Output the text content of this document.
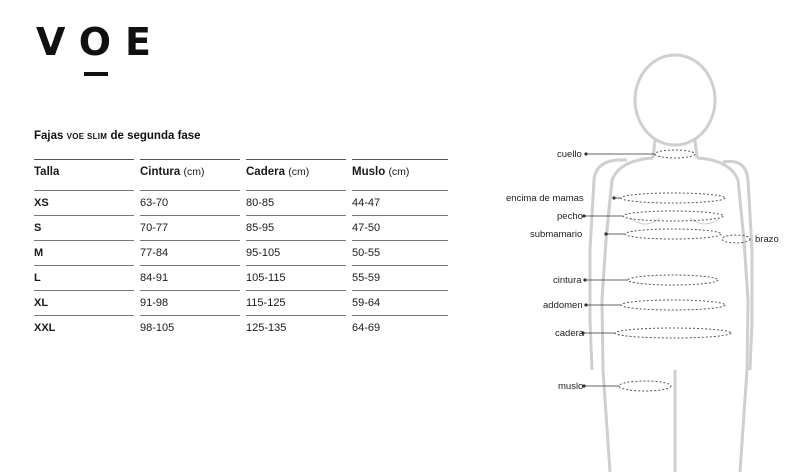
VOE
Fajas VOE SLIM de segunda fase
Talla	Cintura (cm)	Cadera (cm)	Muslo (cm)

XS	63-70	80-85	44-47

S	70-77	85-95	47-50

M	77-84	95-105	50-55

L	84-91	105-115	55-59

XL	91-98	115-125	59-64

XXL	98-105	125-135	64-69
cuello
encima de mamas
pecho
submamario	brazo
cintura
addomen
cadera
muslo
